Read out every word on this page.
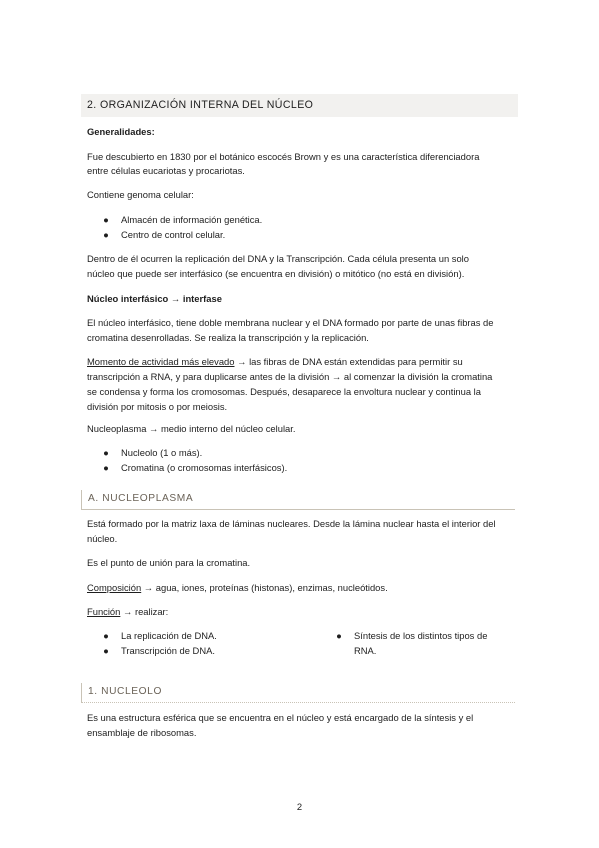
2. ORGANIZACIÓN INTERNA DEL NÚCLEO

Generalidades:

Fue descubierto en 1830 por el botánico escocés Brown y es una característica diferenciadora

entre células eucariotas y procariotas.

Contiene genoma celular:

● Almacén de información genética.
● Centro de control celular.

Dentro de él ocurren la replicación del DNA y la Transcripción. Cada célula presenta un solo

núcleo que puede ser interfásico (se encuentra en división) o mitótico (no está en división).

Núcleo interfásico → interfase

El núcleo interfásico, tiene doble membrana nuclear y el DNA formado por parte de unas fibras de

cromatina desenrolladas. Se realiza la transcripción y la replicación.

Momento de actividad más elevado → las fibras de DNA están extendidas para permitir su

transcripción a RNA, y para duplicarse antes de la división → al comenzar la división la cromatina

se condensa y forma los cromosomas. Después, desaparece la envoltura nuclear y continua la

división por mitosis o por meiosis.

Nucleoplasma → medio interno del núcleo celular.

● Nucleolo (1 o más).
● Cromatina (o cromosomas interfásicos).
A. NUCLEOPLASMA

Está formado por la matriz laxa de láminas nucleares. Desde la lámina nuclear hasta el interior del

núcleo.

Es el punto de unión para la cromatina.

Composición → agua, iones, proteínas (histonas), enzimas, nucleótidos.

Función → realizar:

● La replicación de DNA.
● Transcripción de DNA.
● Síntesis de los distintos tipos de

RNA.

1. NUCLEOLO

Es una estructura esférica que se encuentra en el núcleo y está encargado de la síntesis y el

ensamblaje de ribosomas.

2
